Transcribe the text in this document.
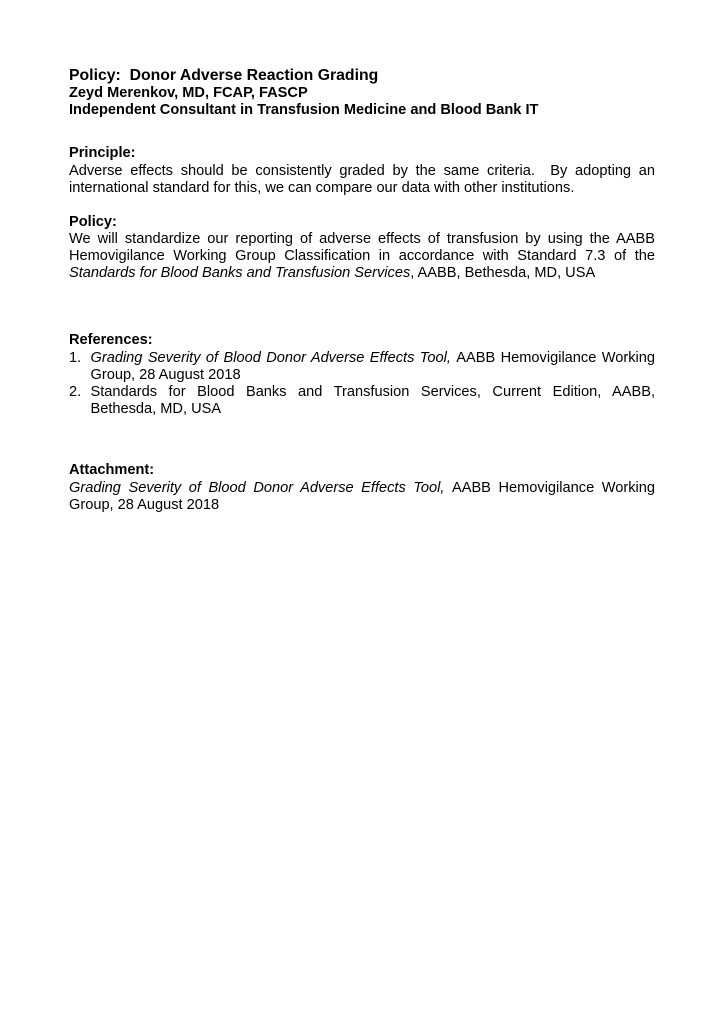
Policy:  Donor Adverse Reaction Grading
Zeyd Merenkov, MD, FCAP, FASCP
Independent Consultant in Transfusion Medicine and Blood Bank IT
Principle:
Adverse effects should be consistently graded by the same criteria.  By adopting an international standard for this, we can compare our data with other institutions.
Policy:
We will standardize our reporting of adverse effects of transfusion by using the AABB Hemovigilance Working Group Classification in accordance with Standard 7.3 of the Standards for Blood Banks and Transfusion Services, AABB, Bethesda, MD, USA
References:
1. Grading Severity of Blood Donor Adverse Effects Tool, AABB Hemovigilance Working Group, 28 August 2018
2. Standards for Blood Banks and Transfusion Services, Current Edition, AABB, Bethesda, MD, USA
Attachment:
Grading Severity of Blood Donor Adverse Effects Tool, AABB Hemovigilance Working Group, 28 August 2018
